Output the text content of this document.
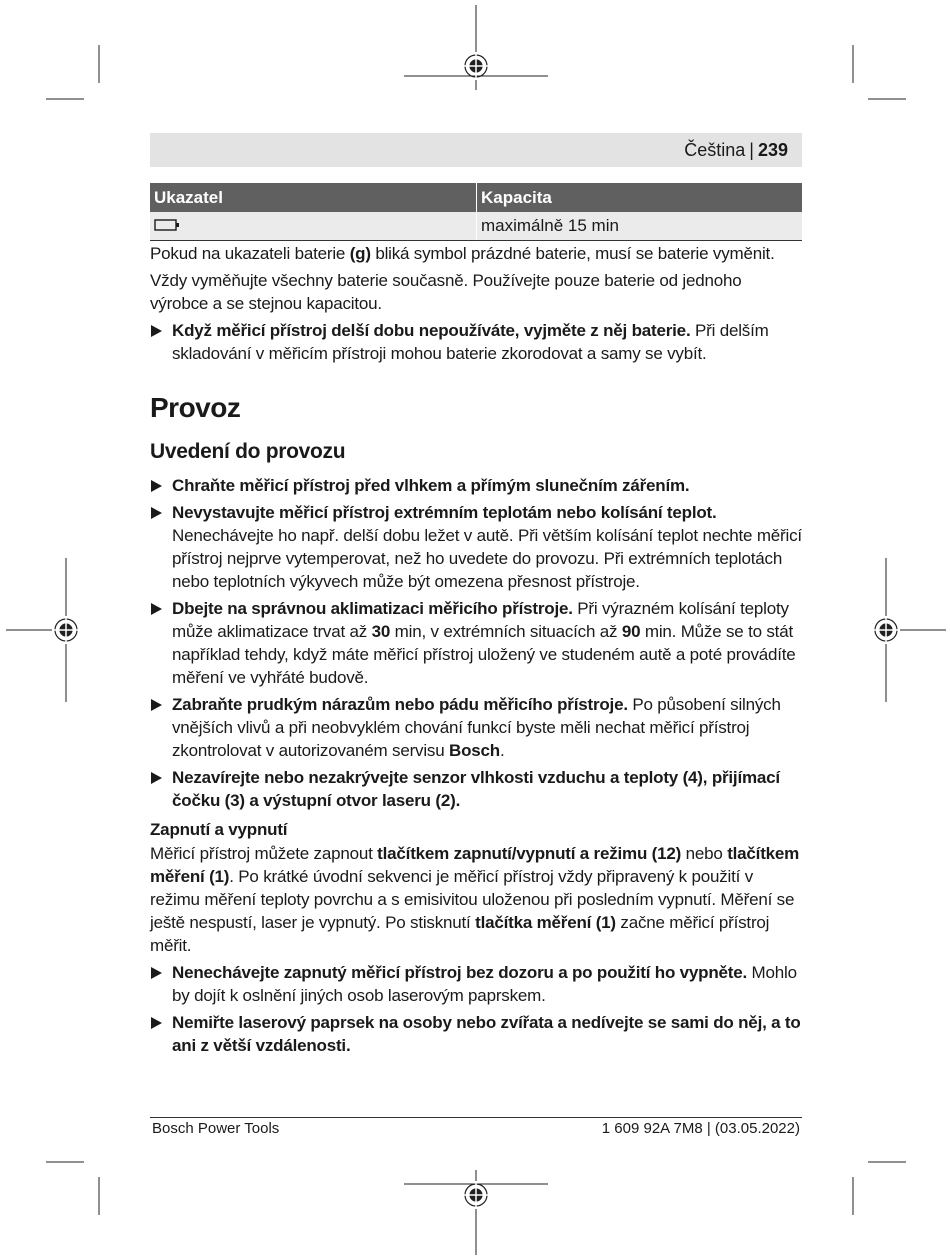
Čeština | 239
Ukazatel	Kapacita
	maximálně 15 min

Pokud na ukazateli baterie (g) bliká symbol prázdné baterie, musí se baterie vyměnit.

Vždy vyměňujte všechny baterie současně. Používejte pouze baterie od jednoho výrobce a se stejnou kapacitou.

Když měřicí přístroj delší dobu nepoužíváte, vyjměte z něj baterie. Při delším skladování v měřicím přístroji mohou baterie zkorodovat a samy se vybít.
Provoz
Uvedení do provozu
Chraňte měřicí přístroj před vlhkem a přímým slunečním zářením.
Nevystavujte měřicí přístroj extrémním teplotám nebo kolísání teplot. Nenechávejte ho např. delší dobu ležet v autě. Při větším kolísání teplot nechte měřicí přístroj nejprve vytemperovat, než ho uvedete do provozu. Při extrémních teplotách nebo teplotních výkyvech může být omezena přesnost přístroje.
Dbejte na správnou aklimatizaci měřicího přístroje. Při výrazném kolísání teploty může aklimatizace trvat až 30 min, v extrémních situacích až 90 min. Může se to stát například tehdy, když máte měřicí přístroj uložený ve studeném autě a poté provádíte měření ve vyhřáté budově.
Zabraňte prudkým nárazům nebo pádu měřicího přístroje. Po působení silných vnějších vlivů a při neobvyklém chování funkcí byste měli nechat měřicí přístroj zkontrolovat v autorizovaném servisu Bosch.
Nezavírejte nebo nezakrývejte senzor vlhkosti vzduchu a teploty (4), přijímací čočku (3) a výstupní otvor laseru (2).
Zapnutí a vypnutí

Měřicí přístroj můžete zapnout tlačítkem zapnutí/vypnutí a režimu (12) nebo tlačítkem měření (1). Po krátké úvodní sekvenci je měřicí přístroj vždy připravený k použití v režimu měření teploty povrchu a s emisivitou uloženou při posledním vypnutí. Měření se ještě nespustí, laser je vypnutý. Po stisknutí tlačítka měření (1) začne měřicí přístroj měřit.

Nenechávejte zapnutý měřicí přístroj bez dozoru a po použití ho vypněte. Mohlo by dojít k oslnění jiných osob laserovým paprskem.
Nemiřte laserový paprsek na osoby nebo zvířata a nedívejte se sami do něj, a to ani z větší vzdálenosti.
Bosch Power Tools	1 609 92A 7M8 | (03.05.2022)
